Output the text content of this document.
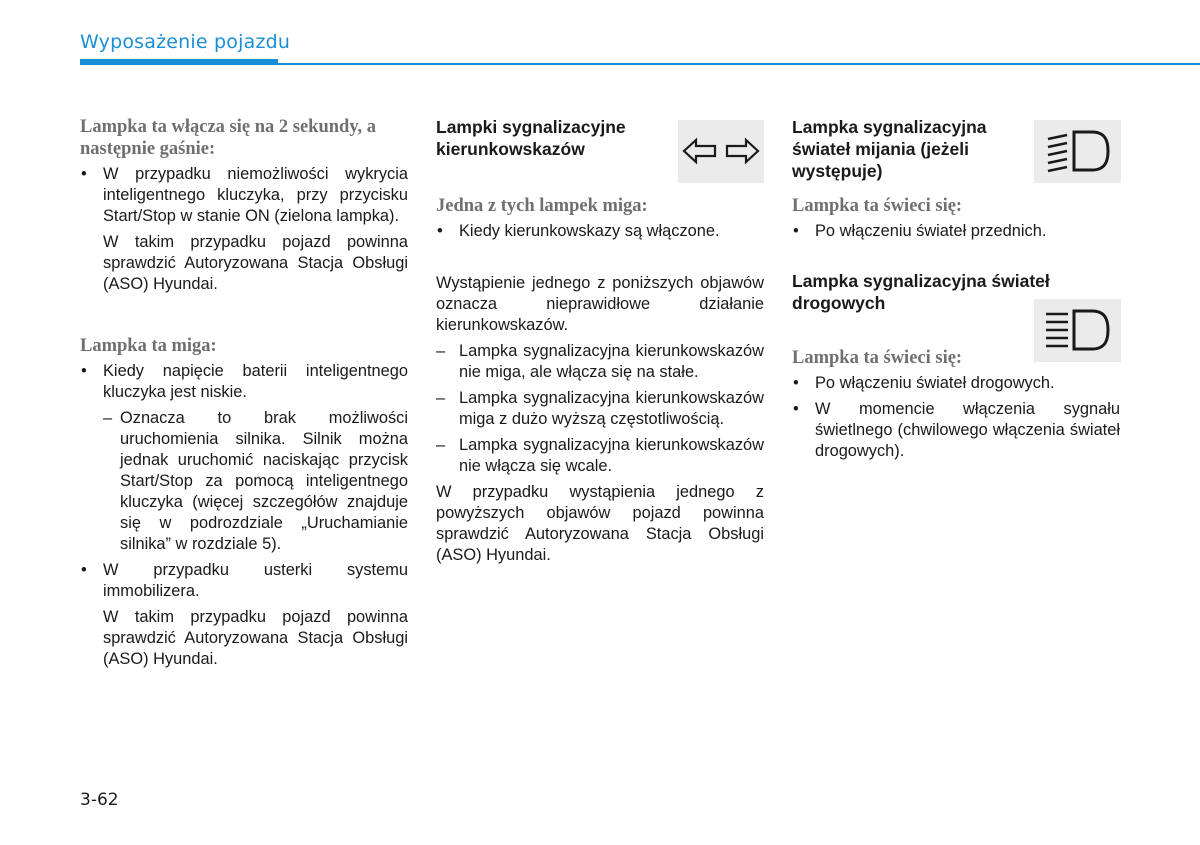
Wyposażenie pojazdu

Lampka ta włącza się na 2 sekundy, a następnie gaśnie:

• W przypadku niemożliwości wykrycia inteligentnego kluczyka, przy przycisku Start/Stop w stanie ON (zielona lampka).

W takim przypadku pojazd powinna sprawdzić Autoryzowana Stacja Obsługi (ASO) Hyundai.

Lampka ta miga:

• Kiedy napięcie baterii inteligentnego kluczyka jest niskie.

– Oznacza to brak możliwości uruchomienia silnika. Silnik można jednak uruchomić naciskając przycisk Start/Stop za pomocą inteligentnego kluczyka (więcej szczegółów znajduje się w podrozdziale „Uruchamianie silnika” w rozdziale 5).

• W przypadku usterki systemu immobilizera.

W takim przypadku pojazd powinna sprawdzić Autoryzowana Stacja Obsługi (ASO) Hyundai.

Lampki sygnalizacyjne kierunkowskazów

Jedna z tych lampek miga:

• Kiedy kierunkowskazy są włączone.

Wystąpienie jednego z poniższych objawów oznacza nieprawidłowe działanie kierunkowskazów.

– Lampka sygnalizacyjna kierunkowskazów nie miga, ale włącza się na stałe.

– Lampka sygnalizacyjna kierunkowskazów miga z dużo wyższą częstotliwością.

– Lampka sygnalizacyjna kierunkowskazów nie włącza się wcale.

W przypadku wystąpienia jednego z powyższych objawów pojazd powinna sprawdzić Autoryzowana Stacja Obsługi (ASO) Hyundai.

Lampka sygnalizacyjna świateł mijania (jeżeli występuje)

Lampka ta świeci się:

• Po włączeniu świateł przednich.

Lampka sygnalizacyjna świateł drogowych

Lampka ta świeci się:

• Po włączeniu świateł drogowych.

• W momencie włączenia sygnału świetlnego (chwilowego włączenia świateł drogowych).

3-62
